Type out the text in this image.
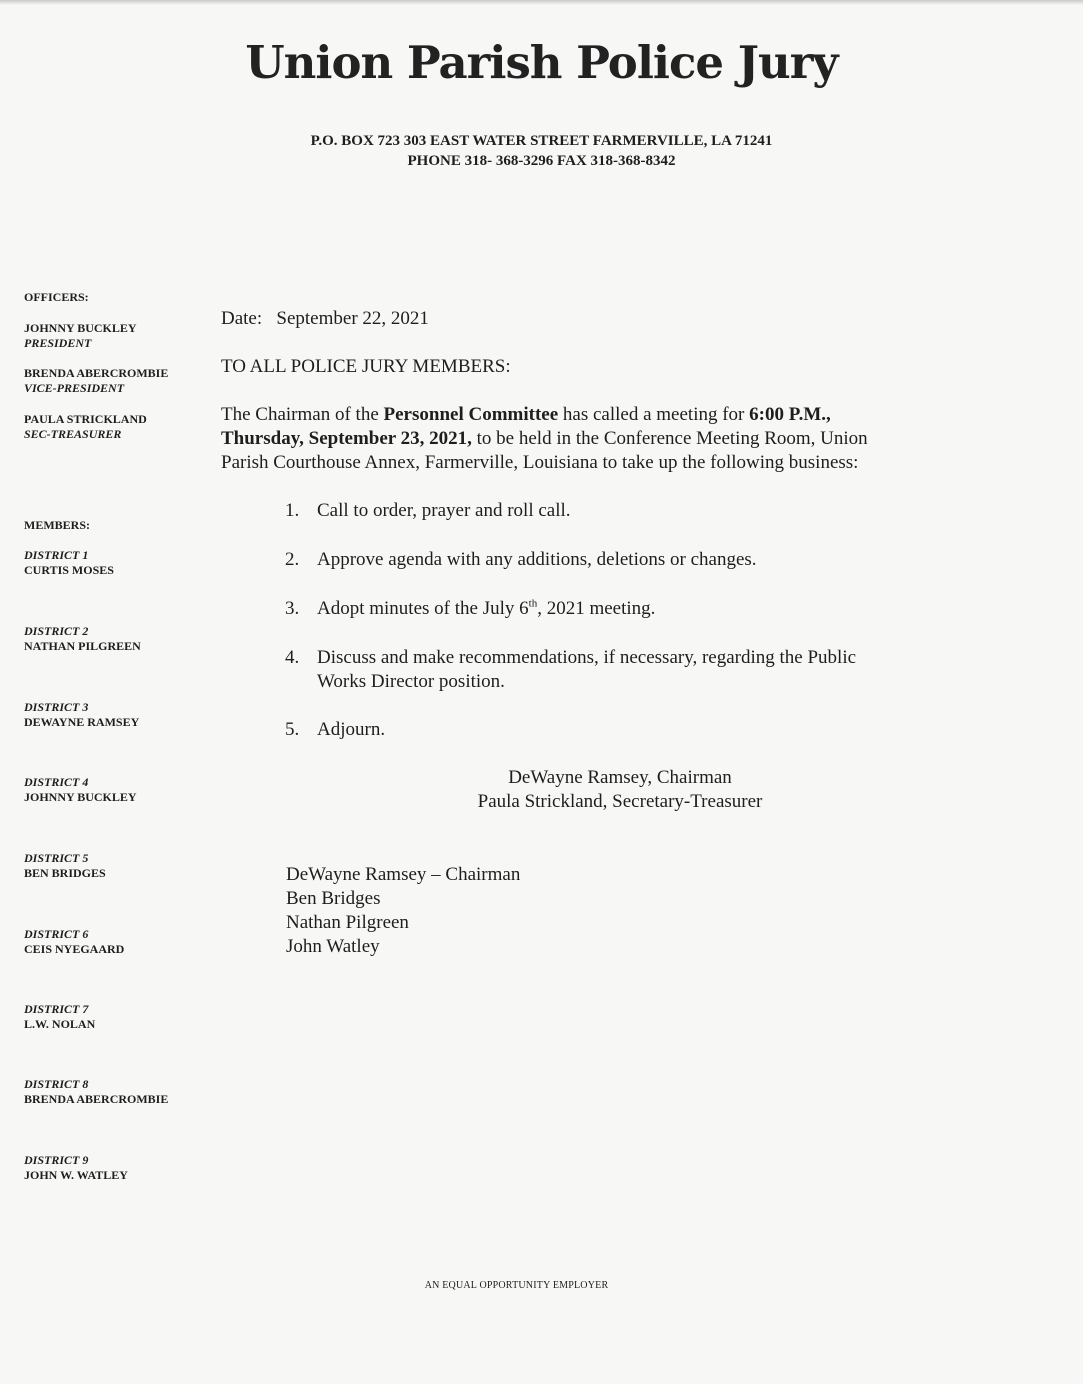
Union Parish Police Jury
P.O. BOX 723 303 EAST WATER STREET FARMERVILLE, LA 71241
PHONE 318- 368-3296 FAX 318-368-8342
OFFICERS:
JOHNNY BUCKLEY
PRESIDENT
BRENDA ABERCROMBIE
VICE-PRESIDENT
PAULA STRICKLAND
SEC-TREASURER
MEMBERS:
DISTRICT 1
CURTIS MOSES
DISTRICT 2
NATHAN PILGREEN
DISTRICT 3
DEWAYNE RAMSEY
DISTRICT 4
JOHNNY BUCKLEY
DISTRICT 5
BEN BRIDGES
DISTRICT 6
CEIS NYEGAARD
DISTRICT 7
L.W. NOLAN
DISTRICT 8
BRENDA ABERCROMBIE
DISTRICT 9
JOHN W. WATLEY
Date: September 22, 2021
TO ALL POLICE JURY MEMBERS:
The Chairman of the Personnel Committee has called a meeting for 6:00 P.M.,
Thursday, September 23, 2021, to be held in the Conference Meeting Room, Union
Parish Courthouse Annex, Farmerville, Louisiana to take up the following business:
1. Call to order, prayer and roll call.
2. Approve agenda with any additions, deletions or changes.
3. Adopt minutes of the July 6th, 2021 meeting.
4. Discuss and make recommendations, if necessary, regarding the Public
Works Director position.
5. Adjourn.
DeWayne Ramsey, Chairman
Paula Strickland, Secretary-Treasurer
DeWayne Ramsey – Chairman
Ben Bridges
Nathan Pilgreen
John Watley
AN EQUAL OPPORTUNITY EMPLOYER
